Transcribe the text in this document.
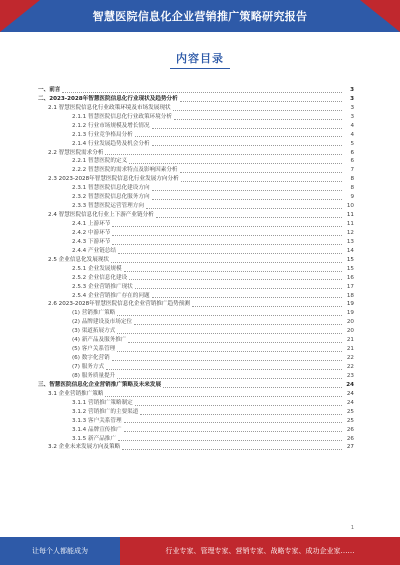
智慧医院信息化企业营销推广策略研究报告
内容目录
一、前言	3
二、2023-2028年智慧医院信息化行业现状及趋势分析	3
2.1 智慧医院信息化行业政策环境及市场发展现状	3
2.1.1 智慧医院信息化行业政策环境分析	3
2.1.2 行业市场规模及增长情况	4
2.1.3 行业竞争格局分析	4
2.1.4 行业发展趋势及机会分析	5
2.2 智慧医院需求分析	6
2.2.1 智慧医院的定义	6
2.2.2 智慧医院的需求特点及影响因素分析	7
2.3 2023-2028年智慧医院信息化行业发展方向分析	8
2.3.1 智慧医院信息化建设方向	8
2.3.2 智慧医院信息化服务方向	9
2.3.3 智慧医院运营管理方向	10
2.4 智慧医院信息化行业上下游产业链分析	11
2.4.1 上游环节	11
2.4.2 中游环节	12
2.4.3 下游环节	13
2.4.4 产业链总结	14
2.5 企业信息化发展现状	15
2.5.1 企业发展规模	15
2.5.2 企业信息化建设	16
2.5.3 企业营销推广现状	17
2.5.4 企业营销推广存在的问题	18
2.6 2023-2028年智慧医院信息化企业营销推广趋势预测	19
(1) 营销推广策略	19
(2) 品牌建设及市场定位	20
(3) 渠道拓展方式	20
(4) 新产品及服务推广	21
(5) 客户关系管理	21
(6) 数字化营销	22
(7) 服务方式	22
(8) 服务质量提升	23
三、智慧医院信息化企业营销推广策略及未来发展	24
3.1 企业营销推广策略	24
3.1.1 营销推广策略制定	24
3.1.2 营销推广的主要渠道	25
3.1.3 客户关系管理	25
3.1.4 品牌宣传推广	26
3.1.5 新产品推广	26
3.2 企业未来发展方向及策略	27
1
让每个人都能成为	行业专家、管理专家、营销专家、战略专家、成功企业家……
